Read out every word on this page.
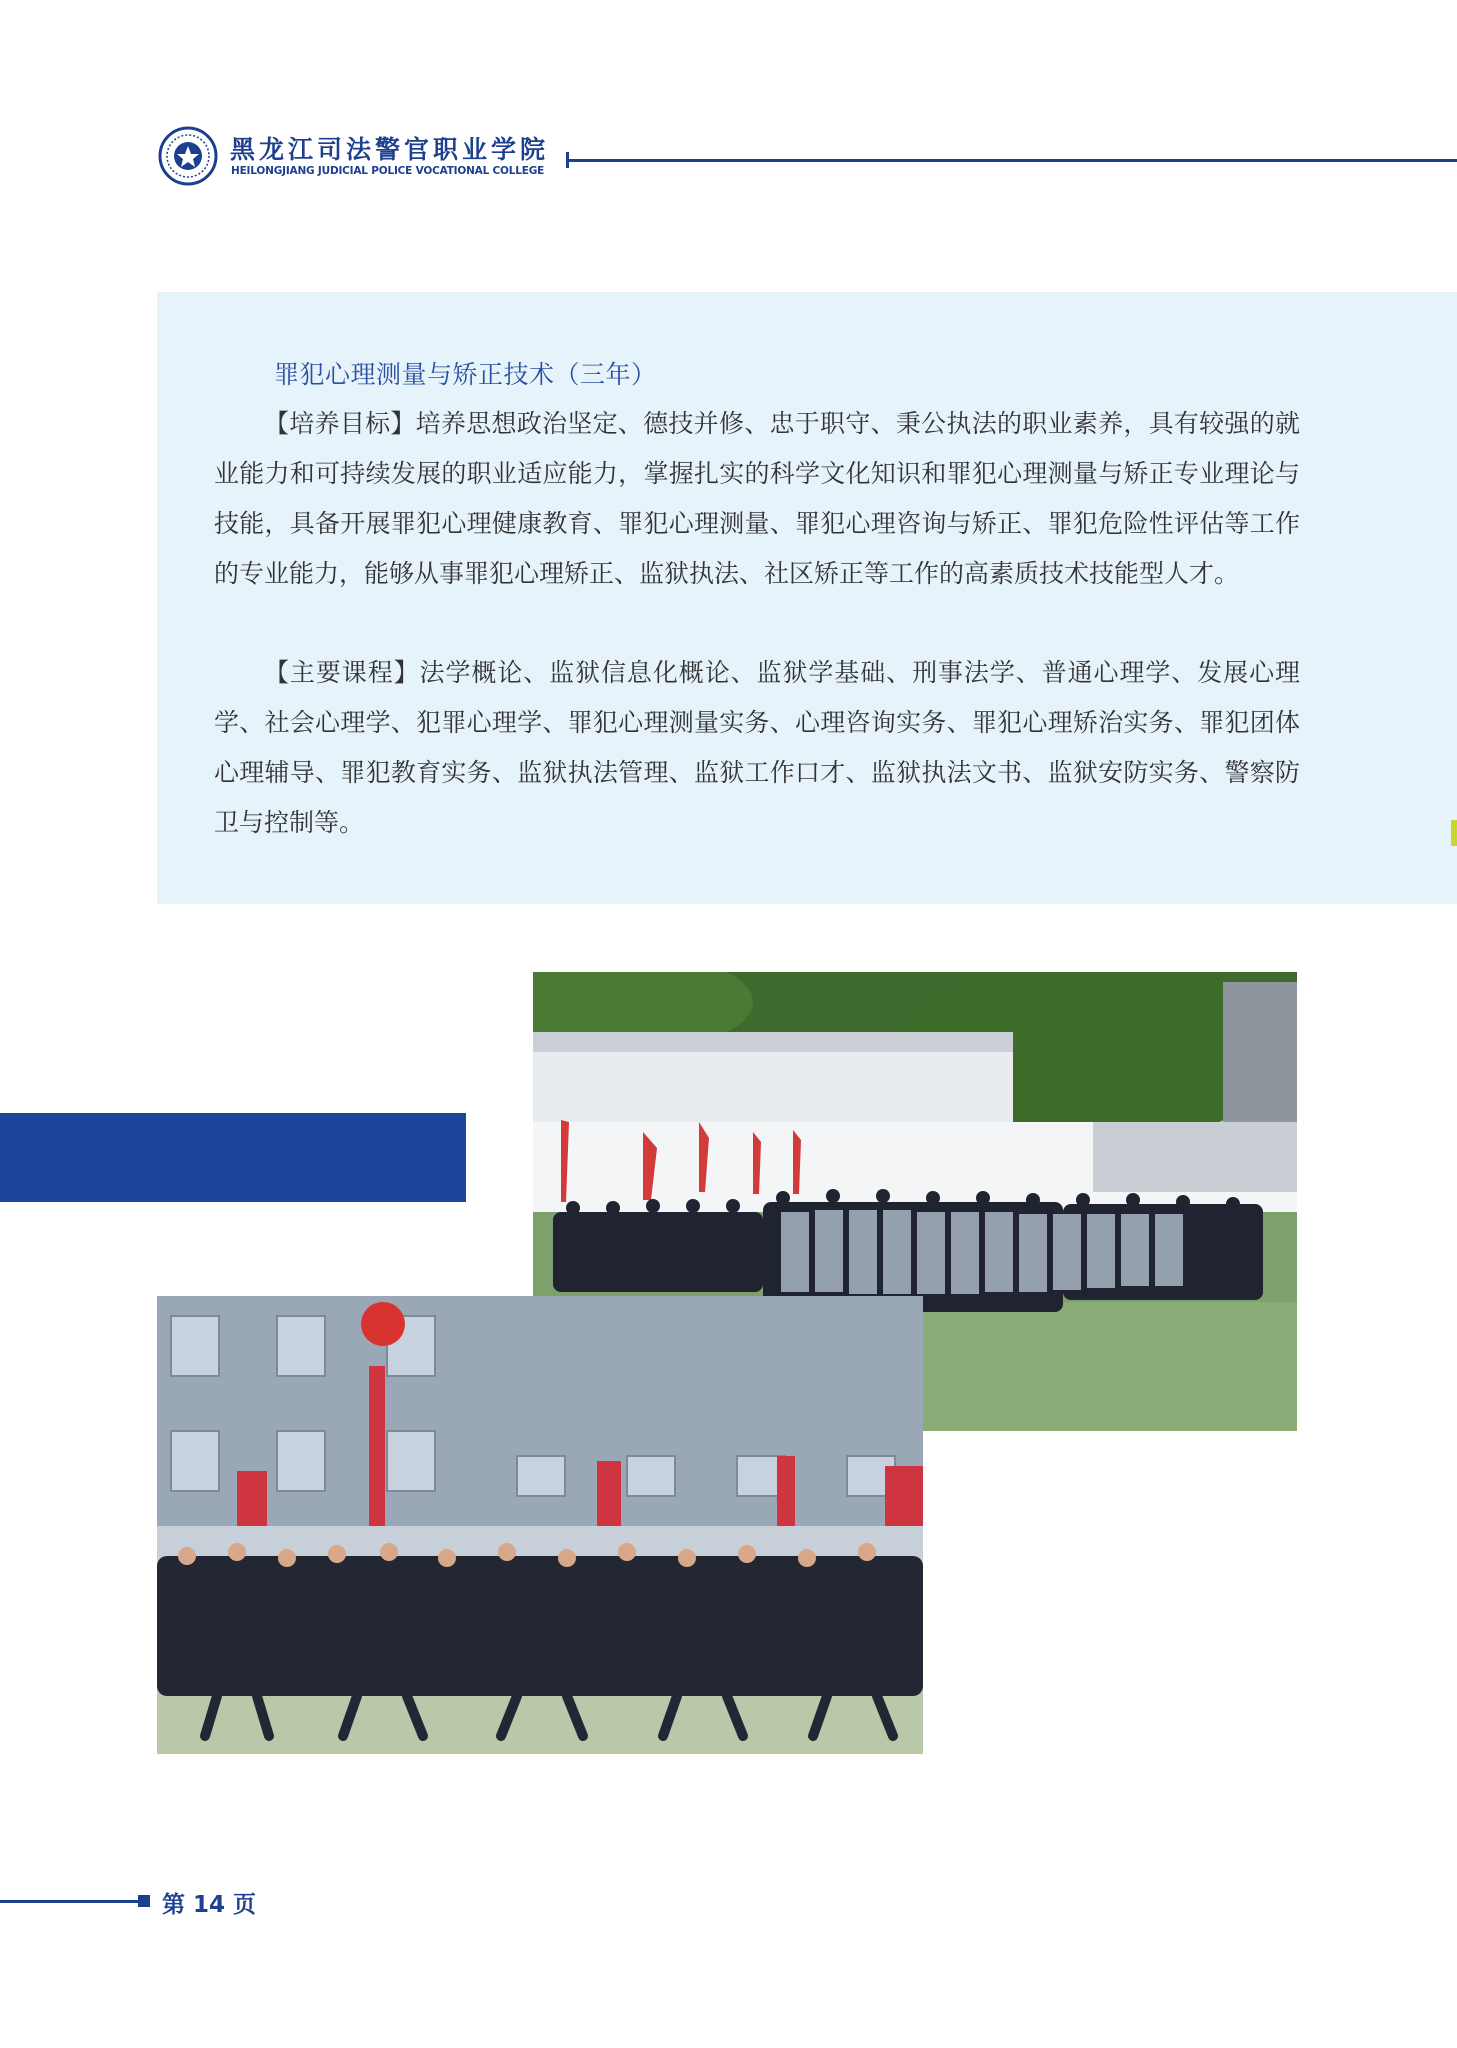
黑龙江司法警官职业学院
HEILONGJIANG JUDICIAL POLICE VOCATIONAL COLLEGE
罪犯心理测量与矫正技术（三年）
【培养目标】培养思想政治坚定、德技并修、忠于职守、秉公执法的职业素养，具有较强的就业能力和可持续发展的职业适应能力，掌握扎实的科学文化知识和罪犯心理测量与矫正专业理论与技能，具备开展罪犯心理健康教育、罪犯心理测量、罪犯心理咨询与矫正、罪犯危险性评估等工作的专业能力，能够从事罪犯心理矫正、监狱执法、社区矫正等工作的高素质技术技能型人才。
【主要课程】法学概论、监狱信息化概论、监狱学基础、刑事法学、普通心理学、发展心理学、社会心理学、犯罪心理学、罪犯心理测量实务、心理咨询实务、罪犯心理矫治实务、罪犯团体心理辅导、罪犯教育实务、监狱执法管理、监狱工作口才、监狱执法文书、监狱安防实务、警察防卫与控制等。
第 14 页
